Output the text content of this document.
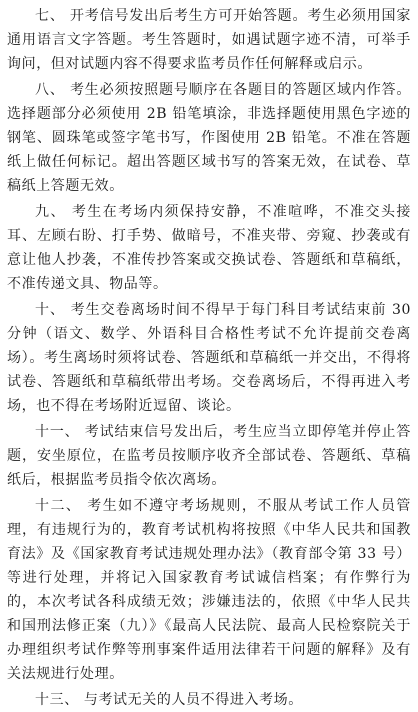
七、 开考信号发出后考生方可开始答题。考生必须用国家通用语言文字答题。考生答题时，如遇试题字迹不清，可举手询问，但对试题内容不得要求监考员作任何解释或启示。

八、 考生必须按照题号顺序在各题目的答题区域内作答。选择题部分必须使用 2B 铅笔填涂，非选择题使用黑色字迹的钢笔、圆珠笔或签字笔书写，作图使用 2B 铅笔。不准在答题纸上做任何标记。超出答题区域书写的答案无效，在试卷、草稿纸上答题无效。

九、 考生在考场内须保持安静，不准喧哗，不准交头接耳、左顾右盼、打手势、做暗号，不准夹带、旁窥、抄袭或有意让他人抄袭，不准传抄答案或交换试卷、答题纸和草稿纸，不准传递文具、物品等。

十、 考生交卷离场时间不得早于每门科目考试结束前 30 分钟（语文、数学、外语科目合格性考试不允许提前交卷离场）。考生离场时须将试卷、答题纸和草稿纸一并交出，不得将试卷、答题纸和草稿纸带出考场。交卷离场后，不得再进入考场，也不得在考场附近逗留、谈论。

十一、 考试结束信号发出后，考生应当立即停笔并停止答题，安坐原位，在监考员按顺序收齐全部试卷、答题纸、草稿纸后，根据监考员指令依次离场。

十二、 考生如不遵守考场规则，不服从考试工作人员管理，有违规行为的，教育考试机构将按照《中华人民共和国教育法》及《国家教育考试违规处理办法》（教育部令第 33 号）等进行处理，并将记入国家教育考试诚信档案；有作弊行为的，本次考试各科成绩无效；涉嫌违法的，依照《中华人民共和国刑法修正案（九）》《最高人民法院、最高人民检察院关于办理组织考试作弊等刑事案件适用法律若干问题的解释》及有关法规进行处理。

十三、 与考试无关的人员不得进入考场。
